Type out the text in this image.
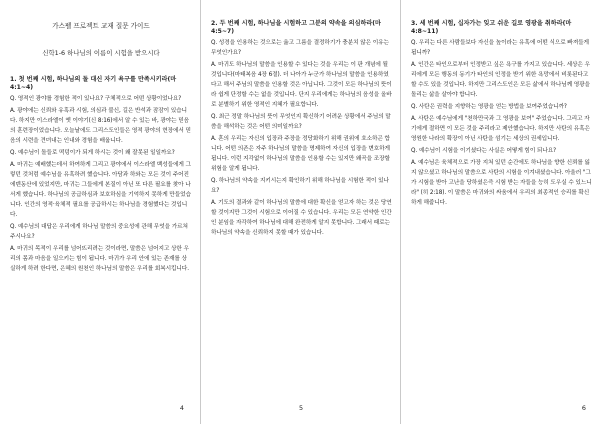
가스펠 프로젝트 교재 질문 가이드
신학1-6 하나님의 이름이 시험을 받으시다
1. 첫 번째 시험, 하나님의 돌 대신 자기 욕구를 만족시키라(마 4:1~4)
Q. 영적인 광야를 경험한 적이 있나요? 구체적으로 어떤 상황이었나요?
A. 광야에는 신뢰와 유혹과 시험, 의심과 불신, 길은 반석과 잠잠이 있습니다. 하지만 이스라엘이 옛 이야기(신 8:16)에서 알 수 있는 바, 광야는 믿음의 훈련장이었습니다. 오늘날에도 그리스도인들은 영적 광야의 현장에서 믿음의 시련을 견뎌내는 인내와 경험을 배웁니다.
Q. 예수님이 돌들로 떡덩이가 되게 하시는 것이 왜 잘못된 일일까요?
A. 마귀는 예배했는데서 하여하게 그리고 광야에서 이스라엘 백성들에게 그렇던 것처럼 예수님을 유혹하려 했습니다. 아담과 하와는 모든 것이 주어진 에덴동산에 있었지만, 마귀는 그들에게 본질이 아닌 또 다른 필요를 찾아 나서게 했습니다. 하나님의 공급하심과 보호하심을 기억하지 못하게 만들었습니다. 인간의 영적·육체적 필요를 공급하시는 하나님을 경험했다는 것입니다.
Q. 예수님의 대답은 우리에게 하나님 말씀의 중요성에 관해 무엇을 가르쳐 주시나요?
A. 마귀의 목적이 우리를 넘어뜨리려는 것이라면, 말씀은 넘어지고 상한 우리의 몸과 마음을 일으키는 힘이 됩니다. 마귀가 우리 안에 있는 존재를 상실하게 하려 한다면, 은혜의 원천인 하나님의 말씀은 우리를 회복시킵니다.
4
2. 두 번째 시험, 하나님을 시험하고 그분의 약속을 의심하라(마 4:5~7)
Q. 성경을 인용하는 것으로는 옳고 그름을 결정하기가 충분치 않은 이유는 무엇인가요?
A. 마귀도 하나님의 말씀을 인용할 수 있다는 것을 우리는 이 판 개념에 될 것입니다(마태복음 4장 6절). 더 나아가 누군가 하나님의 말씀을 인용하였다고 해서 주님의 말씀을 인용할 것은 아닙니다. 그것이 모든 하나님의 뜻이라 쉽게 단정할 수는 없을 것입니다. 단지 우리에게는 하나님의 음성을 올바로 분별하기 위한 영적인 지혜가 필요합니다.
Q. 최근 정말 하나님의 뜻이 무엇인지 확신하기 어려운 상황에서 주님의 말씀을 해석하는 것은 어떤 의미일까요?
A. 혼의 우리는 자신의 입장과 주장을 정당화하기 위해 권위에 호소하곤 합니다. 어떤 의존은 자주 하나님의 말씀을 명제하여 자신의 입장을 변호하게 됩니다. 이런 지각없이 하나님의 말씀을 인용할 수는 있지만 왜곡을 조장할 위험을 알게 됩니다.
Q. 하나님의 약속을 지키시는지 확인하기 위해 하나님을 시험한 적이 있나요?
A. 기도의 결과와 같이 하나님의 말씀에 대한 확신을 얻고자 하는 것은 당연할 것이지만 그것이 시험으로 이어질 수 있습니다. 우리는 모든 연약한 인간인 분임을 자각하여 하나님에 대해 완전하게 알지 못합니다. 그래서 때로는 하나님의 약속을 신뢰하지 못할 때가 있습니다.
5
3. 세 번째 시험, 십자가는 잊고 쉬운 길로 영광을 취하라(마 4:8~11)
Q. 우리는 다른 사람들보다 자신을 높이라는 유혹에 어떤 식으로 빠져들게 됩니까?
A. 인간은 타인으로부터 인정받고 싶은 욕구를 가지고 있습니다. 세상은 우리에게 모든 행동의 동기가 타인의 인정을 받기 위한 욕망에서 비롯된다고 할 수도 있을 것입니다. 하지만 그리스도인은 모든 삶에서 하나님께 영광을 돌리는 삶을 살아야 합니다.
Q. 사탄은 권력을 지향하는 영광을 얻는 방법을 보여주었습니까?
A. 사탄은 예수님에게 "천하만국과 그 영광을 보여" 주었습니다. 그리고 자기에게 절하면 이 모든 것을 주리라고 제안했습니다. 하지만 사탄의 유혹은 영원한 나라의 확장이 아닌 사탄을 섬기는 세상의 권세입니다.
Q. 예수님이 시험을 이기셨다는 사실은 어떻게 힘이 되나요?
A. 예수님은 육체적으로 가장 지쳐 있던 순간에도 하나님을 향한 신뢰를 잃지 않으셨고 하나님의 말씀으로 사탄의 시험을 이겨내셨습니다. 아울러 "그가 시험을 받아 고난을 당하셨은즉 시험 받는 자들을 능히 도우실 수 있느니라" (히 2:18). 이 말씀은 마귀와의 싸움에서 우리의 최종적인 승리를 확신하게 해줍니다.
6
